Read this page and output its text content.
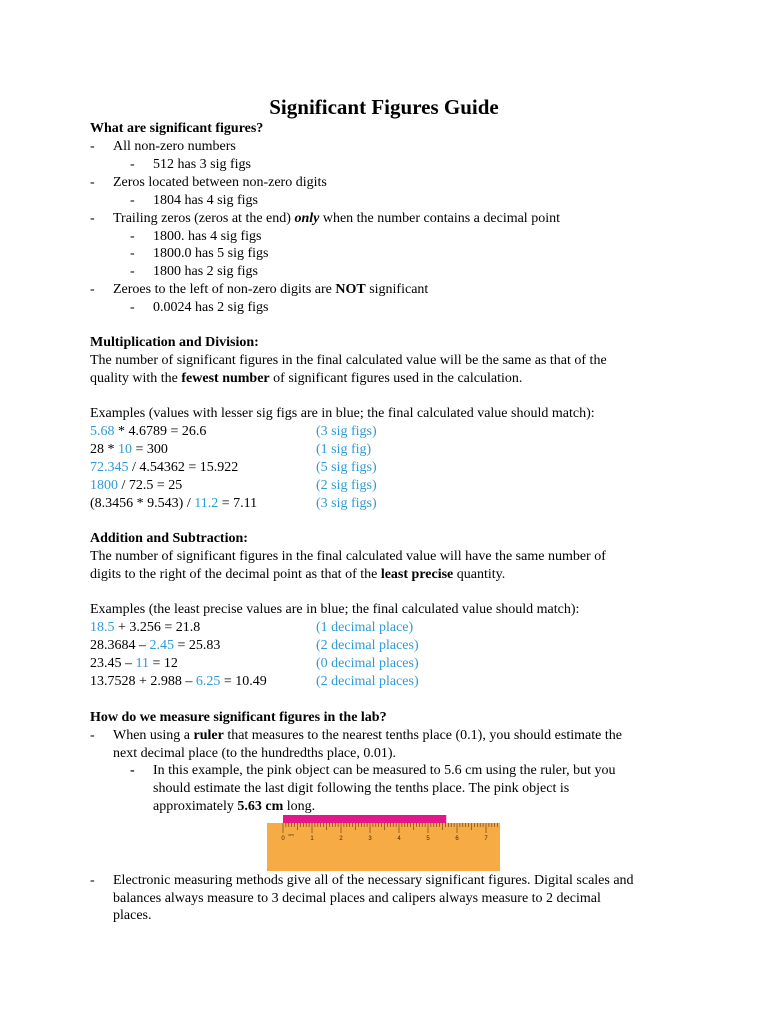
Significant Figures Guide
What are significant figures?
- All non-zero numbers
- 512 has 3 sig figs
- Zeros located between non-zero digits
- 1804 has 4 sig figs
- Trailing zeros (zeros at the end) only when the number contains a decimal point
- 1800. has 4 sig figs
- 1800.0 has 5 sig figs
- 1800 has 2 sig figs
- Zeroes to the left of non-zero digits are NOT significant
- 0.0024 has 2 sig figs
Multiplication and Division:
The number of significant figures in the final calculated value will be the same as that of the
quality with the fewest number of significant figures used in the calculation.
Examples (values with lesser sig figs are in blue; the final calculated value should match):
5.68 * 4.6789 = 26.6	(3 sig figs)
28 * 10 = 300	(1 sig fig)
72.345 / 4.54362 = 15.922	(5 sig figs)
1800 / 72.5 = 25	(2 sig figs)
(8.3456 * 9.543) / 11.2 = 7.11	(3 sig figs)
Addition and Subtraction:
The number of significant figures in the final calculated value will have the same number of
digits to the right of the decimal point as that of the least precise quantity.
Examples (the least precise values are in blue; the final calculated value should match):
18.5 + 3.256 = 21.8	(1 decimal place)
28.3684 – 2.45 = 25.83	(2 decimal places)
23.45 – 11 = 12	(0 decimal places)
13.7528 + 2.988 – 6.25 = 10.49	(2 decimal places)
How do we measure significant figures in the lab?
- When using a ruler that measures to the nearest tenths place (0.1), you should estimate the
next decimal place (to the hundredths place, 0.01).
- In this example, the pink object can be measured to 5.6 cm using the ruler, but you
should estimate the last digit following the tenths place. The pink object is
approximately 5.63 cm long.
0	1	2	3	4	5	6	7
cm
- Electronic measuring methods give all of the necessary significant figures. Digital scales and
balances always measure to 3 decimal places and calipers always measure to 2 decimal
places.
